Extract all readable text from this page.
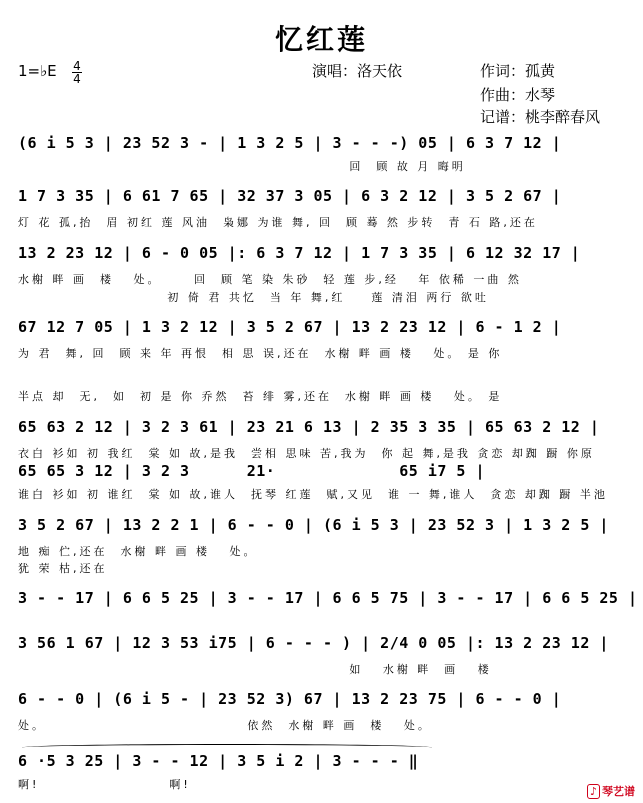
忆红莲
1=♭E 4
4	演唱：洛天依	作词：孤黄
作曲：水琴
记谱：桃李醉春风
(6 i 5 3 | 23 52 3 - | 1 3 2 5 | 3 - - -) 05 | 6 3 7 12 |
回  顾 故 月 晦明
1 7 3 35 | 6 61 7 65 | 32 37 3 05 | 6 3 2 12 | 3 5 2 67 |
灯 花 孤,抬  眉 初红 莲 风油  枭娜 为谁 舞, 回  顾 蓦 然 步转  青 石 路,还在
13 2 23 12 | 6 - 0 05 |: 6 3 7 12 | 1 7 3 35 | 6 12 32 17 |
水榭 畔 画  楼   处。     回  顾 笔 染 朱砂  轻 莲 步,经   年 依稀 一曲 然
初 倚 君 共忆  当 年 舞,红    莲 清泪 两行 欲吐
67 12 7 05 | 1 3 2 12 | 3 5 2 67 | 13 2 23 12 | 6 - 1 2 |
为 君  舞, 回  顾 来 年 再恨  相 思 误,还在  水榭 畔 画 楼   处。 是 你
半点 却  无,  如  初 是 你 乔然  苔 绯 雾,还在  水榭 畔 画 楼   处。 是
65 63 2 12 | 3 2 3 61 | 23 21 6 13 | 2 35 3 35 | 65 63 2 12 |
衣白 衫如 初 我红  棠 如 故,是我  尝相 思味 苦,我为  你 起 舞,是我 贪恋 却踟 蹰 你原
65 65 3 12 | 3 2 3      21·             65 i7 5 |
谁白 衫如 初 谁红  棠 如 故,谁人  抚琴 红莲  赋,又见  谁 一 舞,谁人  贪恋 却踟 蹰 半池
3 5 2 67 | 13 2 2 1 | 6 - - 0 | (6 i 5 3 | 23 52 3 | 1 3 2 5 |
地 痴 伫,还在  水榭 畔 画 楼   处。
犹 荣 枯,还在
3 - - 17 | 6 6 5 25 | 3 - - 17 | 6 6 5 75 | 3 - - 17 | 6 6 5 25 |
3 56 1 67 | 12 3 53 i75 | 6 - - - ) | 2/4 0 05 |: 13 2 23 12 |
如   水榭 畔  画   楼
6 - - 0 | (6 i 5 - | 23 52 3) 67 | 13 2 23 75 | 6 - - 0 |
处。                               依然  水榭 畔 画  楼   处。
6 ·5 3 25 | 3 - - 12 | 3 5 i 2 | 3 - - - ‖
啊!                    啊!
♪ 琴艺谱
